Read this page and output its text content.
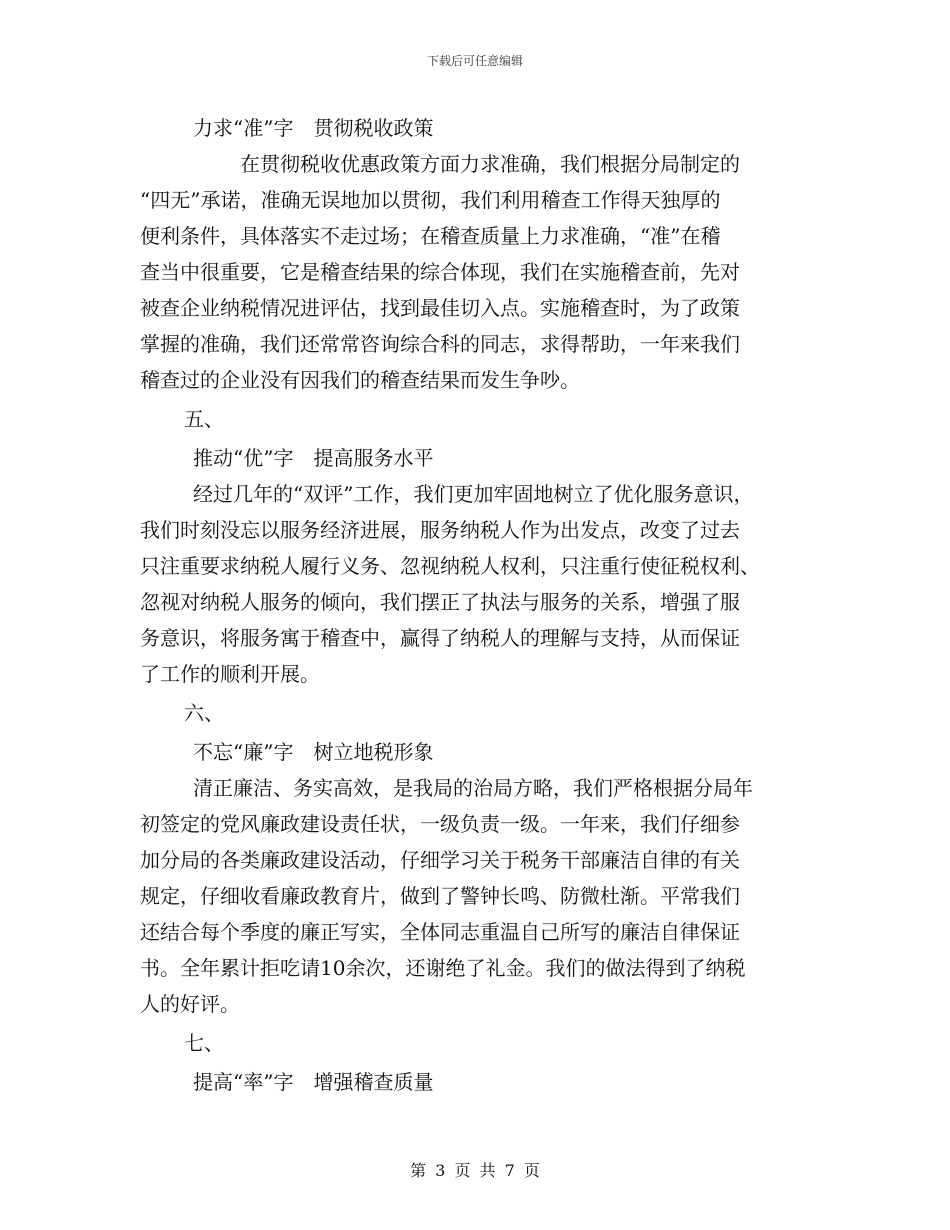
下载后可任意编辑
力求“准”字　贯彻税收政策
在贯彻税收优惠政策方面力求准确，我们根据分局制定的
“四无”承诺，准确无误地加以贯彻，我们利用稽查工作得天独厚的
便利条件，具体落实不走过场；在稽查质量上力求准确，“准”在稽
查当中很重要，它是稽查结果的综合体现，我们在实施稽查前，先对
被查企业纳税情况进评估，找到最佳切入点。实施稽查时，为了政策
掌握的准确，我们还常常咨询综合科的同志，求得帮助，一年来我们
稽查过的企业没有因我们的稽查结果而发生争吵。
五、
推动“优”字　提高服务水平
经过几年的“双评”工作，我们更加牢固地树立了优化服务意识，
我们时刻没忘以服务经济进展，服务纳税人作为出发点，改变了过去
只注重要求纳税人履行义务、忽视纳税人权利，只注重行使征税权利、
忽视对纳税人服务的倾向，我们摆正了执法与服务的关系，增强了服
务意识，将服务寓于稽查中，赢得了纳税人的理解与支持，从而保证
了工作的顺利开展。
六、
不忘“廉”字　树立地税形象
清正廉洁、务实高效，是我局的治局方略，我们严格根据分局年
初签定的党风廉政建设责任状，一级负责一级。一年来，我们仔细参
加分局的各类廉政建设活动，仔细学习关于税务干部廉洁自律的有关
规定，仔细收看廉政教育片，做到了警钟长鸣、防微杜渐。平常我们
还结合每个季度的廉正写实，全体同志重温自己所写的廉洁自律保证
书。全年累计拒吃请10余次，还谢绝了礼金。我们的做法得到了纳税
人的好评。
七、
提高“率”字　增强稽查质量
第 3 页 共 7 页
